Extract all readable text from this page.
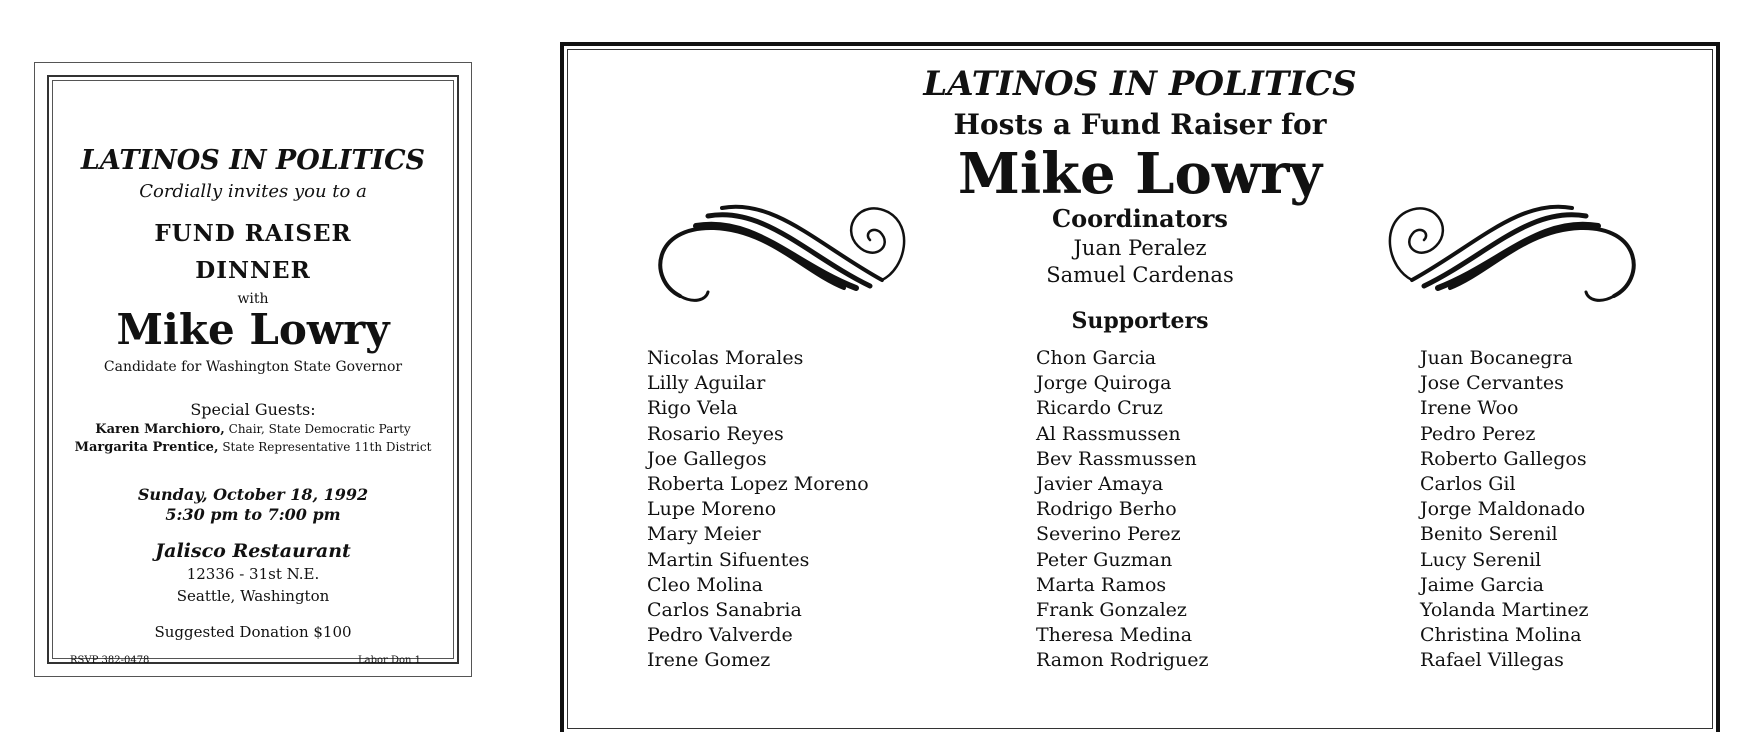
LATINOS IN POLITICS
Cordially invites you to a
FUND RAISER
DINNER
with
Mike Lowry
Candidate for Washington State Governor
Special Guests:
Karen Marchioro, Chair, State Democratic Party
Margarita Prentice, State Representative 11th District
Sunday, October 18, 1992
5:30 pm to 7:00 pm
Jalisco Restaurant
12336 - 31st N.E.
Seattle, Washington
Suggested Donation $100
RSVP 382-0478	Labor Don 1
LATINOS IN POLITICS
Hosts a Fund Raiser for
Mike Lowry
Coordinators
Juan Peralez
Samuel Cardenas
Supporters
Nicolas Morales
Lilly Aguilar
Rigo Vela
Rosario Reyes
Joe Gallegos
Roberta Lopez Moreno
Lupe Moreno
Mary Meier
Martin Sifuentes
Cleo Molina
Carlos Sanabria
Pedro Valverde
Irene Gomez
Chon Garcia
Jorge Quiroga
Ricardo Cruz
Al Rassmussen
Bev Rassmussen
Javier Amaya
Rodrigo Berho
Severino Perez
Peter Guzman
Marta Ramos
Frank Gonzalez
Theresa Medina
Ramon Rodriguez
Juan Bocanegra
Jose Cervantes
Irene Woo
Pedro Perez
Roberto Gallegos
Carlos Gil
Jorge Maldonado
Benito Serenil
Lucy Serenil
Jaime Garcia
Yolanda Martinez
Christina Molina
Rafael Villegas
